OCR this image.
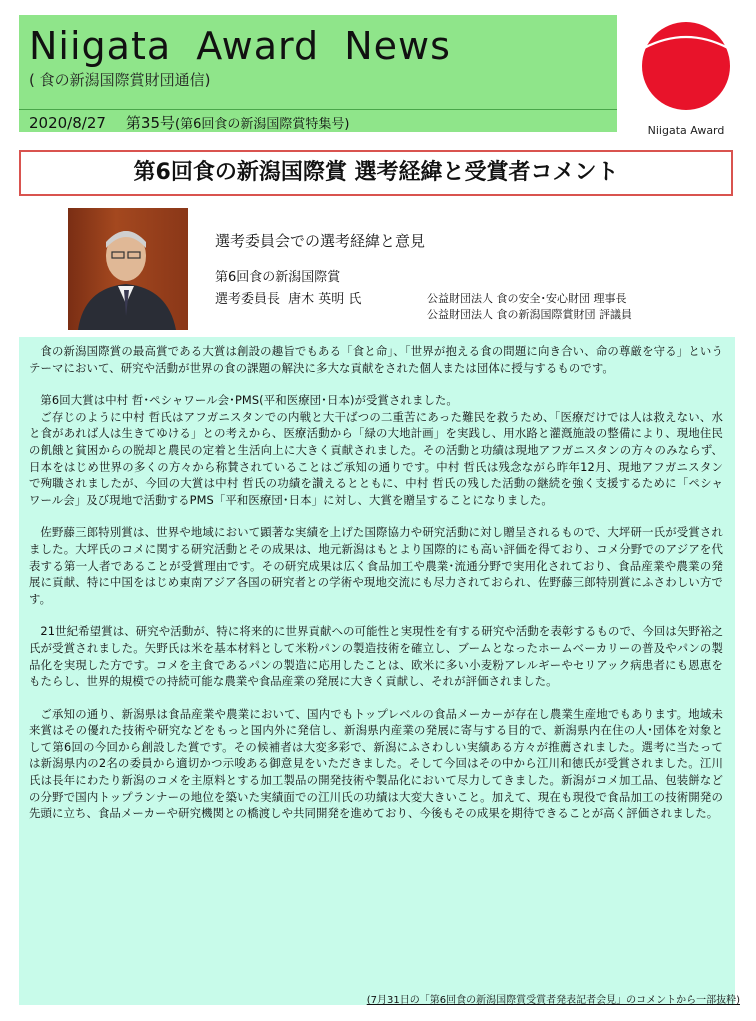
Niigata Award News
( 食の新潟国際賞財団通信)
2020/8/27 第35号(第6回食の新潟国際賞特集号)	Niigata Award
第6回食の新潟国際賞 選考経緯と受賞者コメント
選考委員会での選考経緯と意見
第6回食の新潟国際賞
選考委員長 唐木 英明 氏	公益財団法人 食の安全･安心財団 理事長
公益財団法人 食の新潟国際賞財団 評議員

食の新潟国際賞の最高賞である大賞は創設の趣旨でもある「食と命」、「世界が抱える食の問題に向き合い、命の尊厳を守る」というテーマにおいて、研究や活動が世界の食の課題の解決に多大な貢献をされた個人または団体に授与するものです。

第6回大賞は中村 哲･ペシャワール会･PMS(平和医療団･日本)が受賞されました。

ご存じのように中村 哲氏はアフガニスタンでの内戦と大干ばつの二重苦にあった難民を救うため、「医療だけでは人は救えない、水と食があれば人は生きてゆける」との考えから、医療活動から「緑の大地計画」を実践し、用水路と灌漑施設の整備により、現地住民の飢餓と貧困からの脱却と農民の定着と生活向上に大きく貢献されました。その活動と功績は現地アフガニスタンの方々のみならず、日本をはじめ世界の多くの方々から称賛されていることはご承知の通りです。中村 哲氏は残念ながら昨年12月、現地アフガニスタンで殉職されましたが、今回の大賞は中村 哲氏の功績を讃えるとともに、中村 哲氏の残した活動の継続を強く支援するために「ペシャワール会」及び現地で活動するPMS「平和医療団･日本」に対し、大賞を贈呈することになりました。

佐野藤三郎特別賞は、世界や地域において顕著な実績を上げた国際協力や研究活動に対し贈呈されるもので、大坪研一氏が受賞されました。大坪氏のコメに関する研究活動とその成果は、地元新潟はもとより国際的にも高い評価を得ており、コメ分野でのアジアを代表する第一人者であることが受賞理由です。その研究成果は広く食品加工や農業･流通分野で実用化されており、食品産業や農業の発展に貢献、特に中国をはじめ東南アジア各国の研究者との学術や現地交流にも尽力されておられ、佐野藤三郎特別賞にふさわしい方です。

21世紀希望賞は、研究や活動が、特に将来的に世界貢献への可能性と実現性を有する研究や活動を表彰するもので、今回は矢野裕之氏が受賞されました。矢野氏は米を基本材料として米粉パンの製造技術を確立し、ブームとなったホームベーカリーの普及やパンの製品化を実現した方です。コメを主食であるパンの製造に応用したことは、欧米に多い小麦粉アレルギーやセリアック病患者にも恩恵をもたらし、世界的規模での持続可能な農業や食品産業の発展に大きく貢献し、それが評価されました。

ご承知の通り、新潟県は食品産業や農業において、国内でもトップレベルの食品メーカーが存在し農業生産地でもあります。地域未来賞はその優れた技術や研究などをもっと国内外に発信し、新潟県内産業の発展に寄与する目的で、新潟県内在住の人･団体を対象として第6回の今回から創設した賞です。その候補者は大変多彩で、新潟にふさわしい実績ある方々が推薦されました。選考に当たっては新潟県内の2名の委員から適切かつ示唆ある御意見をいただきました。そして今回はその中から江川和徳氏が受賞されました。江川氏は長年にわたり新潟のコメを主原料とする加工製品の開発技術や製品化において尽力してきました。新潟がコメ加工品、包装餅などの分野で国内トップランナーの地位を築いた実績面での江川氏の功績は大変大きいこと。加えて、現在も現役で食品加工の技術開発の先頭に立ち、食品メーカーや研究機関との橋渡しや共同開発を進めており、今後もその成果を期待できることが高く評価されました。

(7月31日の「第6回食の新潟国際賞受賞者発表記者会見」のコメントから一部抜粋)
